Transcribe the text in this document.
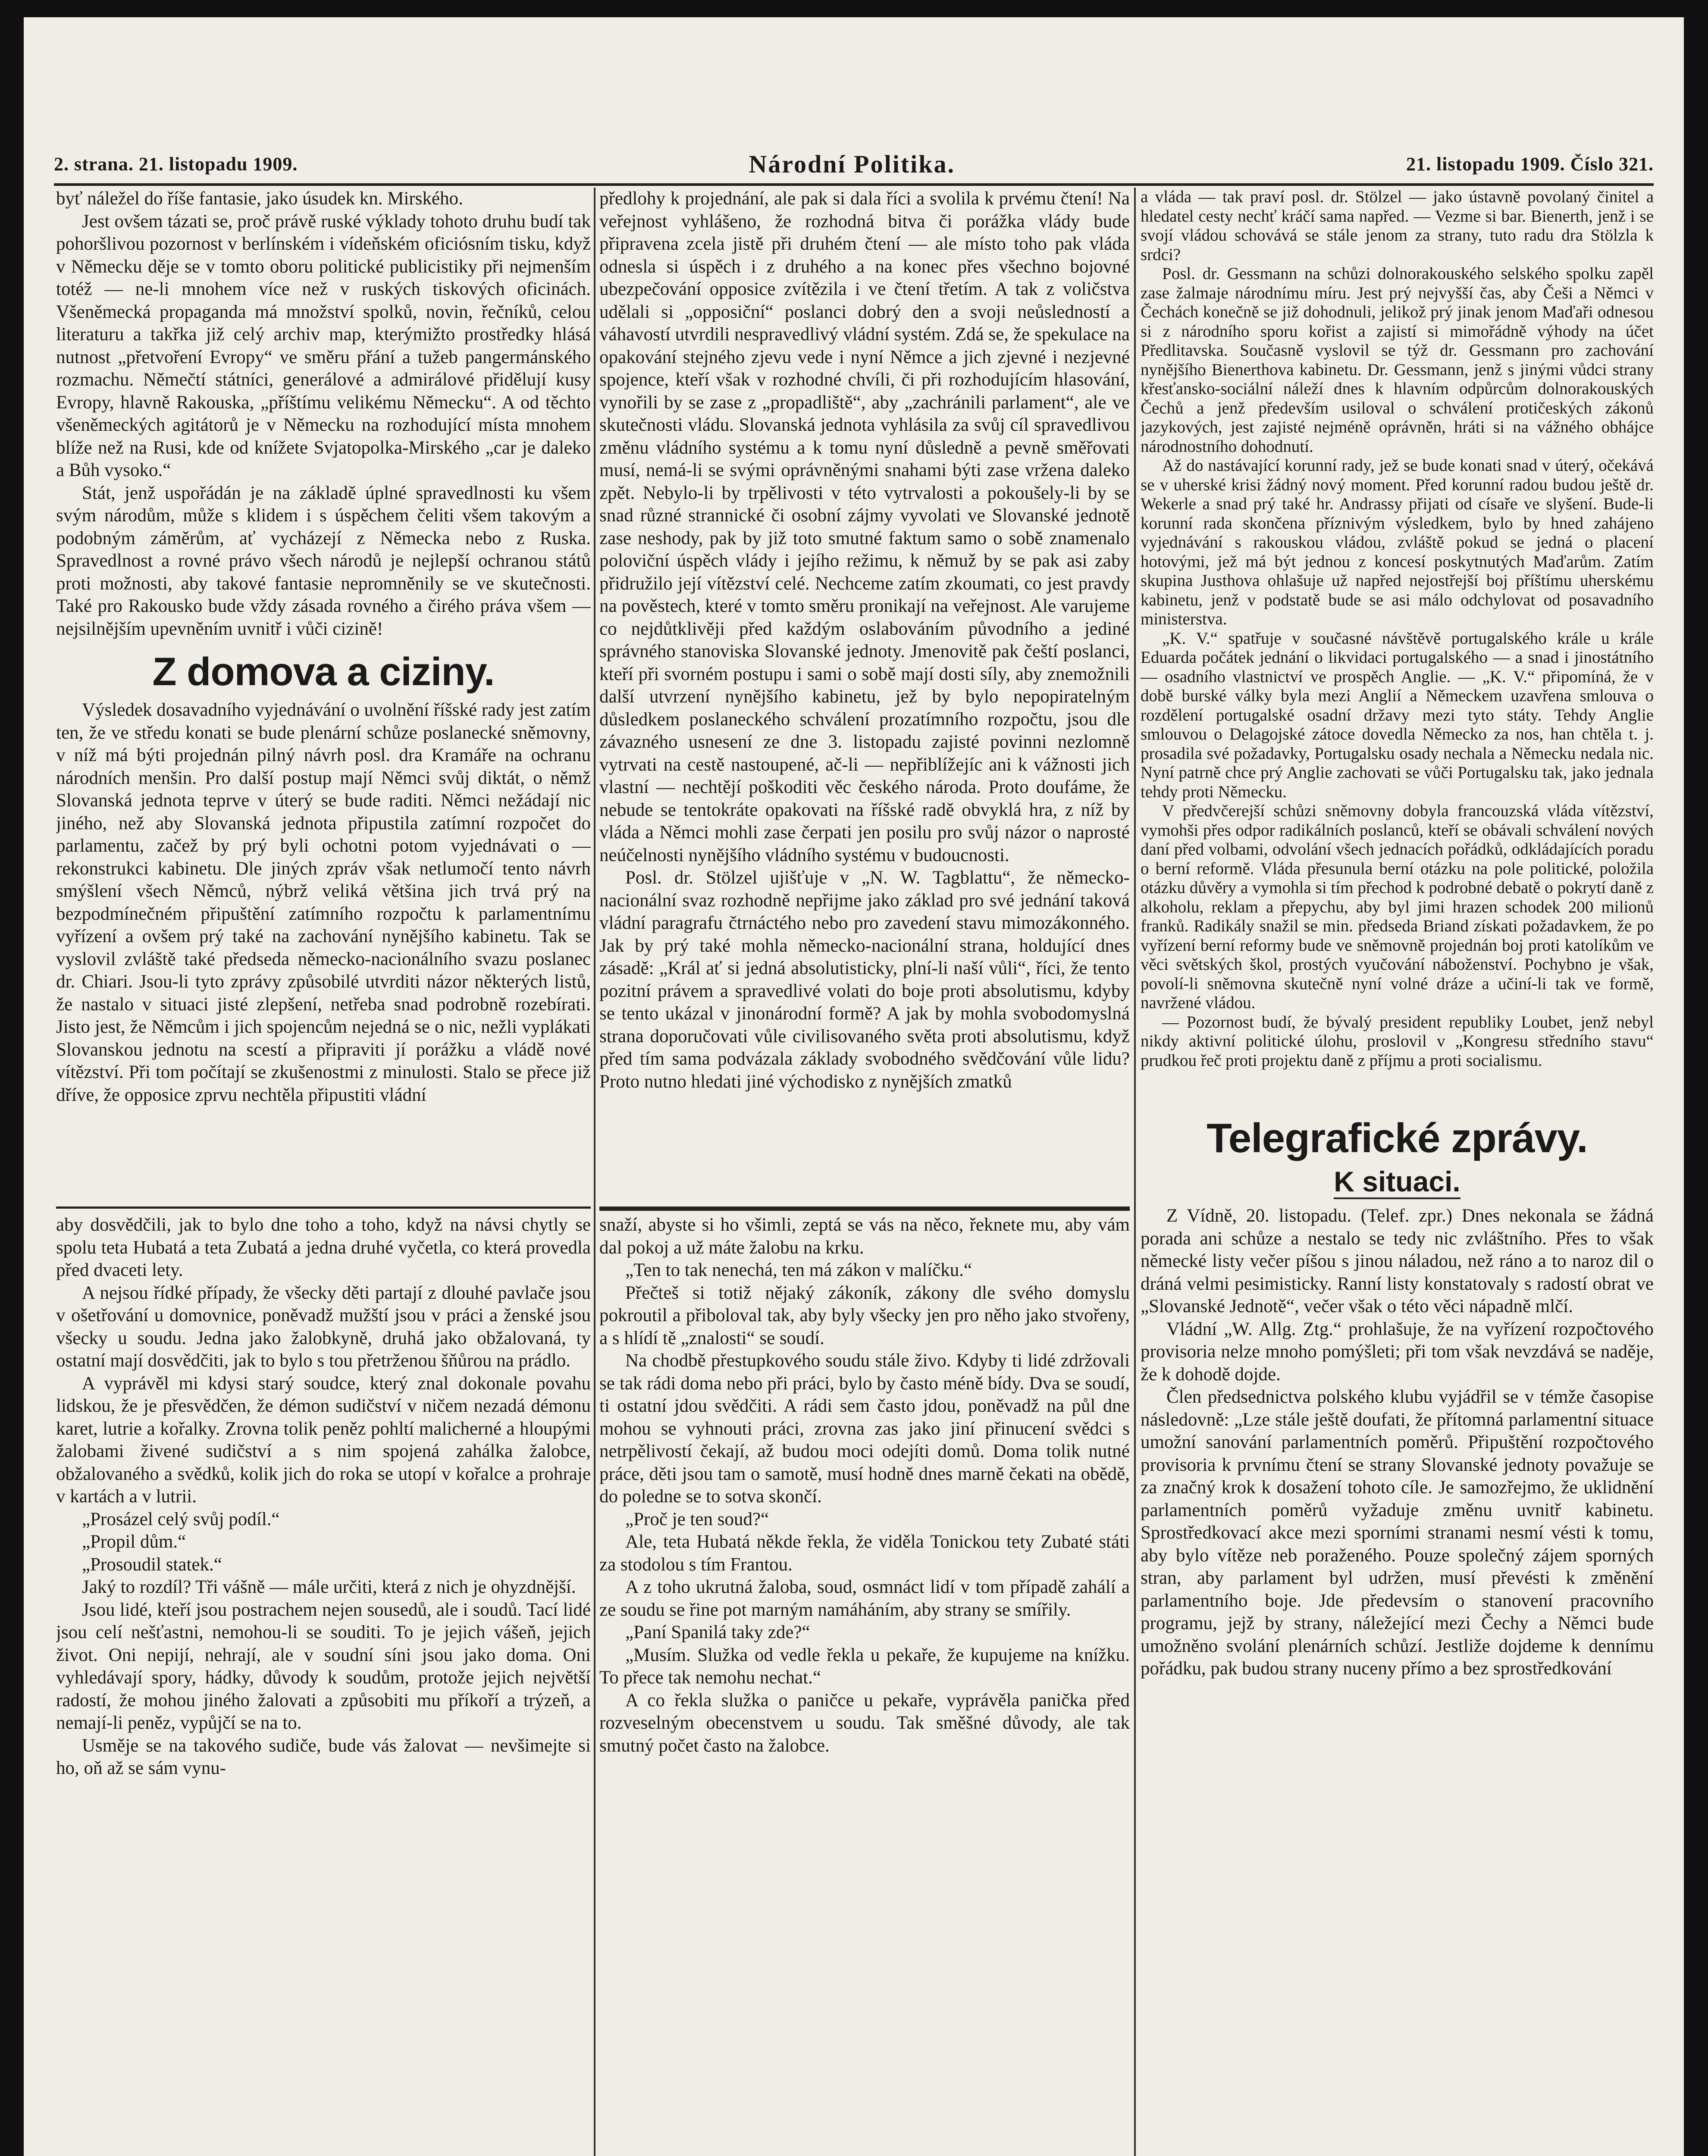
2. strana. 21. listopadu 1909.	Národní Politika.	21. listopadu 1909. Číslo 321.

byť náležel do říše fantasie, jako úsudek kn. Mirského.

Jest ovšem tázati se, proč právě ruské výklady tohoto druhu budí tak pohoršlivou pozornost v berlínském i vídeňském oficiósním tisku, když v Německu děje se v tomto oboru politické publicistiky při nejmenším totéž — ne-li mnohem více než v ruských tiskových oficinách. Všeněmecká propaganda má množství spolků, novin, řečníků, celou literaturu a takřka již celý archiv map, kterýmižto prostředky hlásá nutnost „přetvoření Evropy“ ve směru přání a tužeb pangermánského rozmachu. Němečtí státníci, generálové a admirálové přidělují kusy Evropy, hlavně Rakouska, „příštímu velikému Německu“. A od těchto všeněmeckých agitátorů je v Německu na rozhodující místa mnohem blíže než na Rusi, kde od knížete Svjatopolka-Mirského „car je daleko a Bůh vysoko.“

Stát, jenž uspořádán je na základě úplné spravedlnosti ku všem svým národům, může s klidem i s úspěchem čeliti všem takovým a podobným záměrům, ať vycházejí z Německa nebo z Ruska. Spravedlnost a rovné právo všech národů je nejlepší ochranou států proti možnosti, aby takové fantasie nepromněnily se ve skutečnosti. Také pro Rakousko bude vždy zásada rovného a čirého práva všem — nejsilnějším upevněním uvnitř i vůči cizině!

Z domova a ciziny.

Výsledek dosavadního vyjednávání o uvolnění říšské rady jest zatím ten, že ve středu konati se bude plenární schůze poslanecké sněmovny, v níž má býti projednán pilný návrh posl. dra Kramáře na ochranu národních menšin. Pro další postup mají Němci svůj diktát, o němž Slovanská jednota teprve v úterý se bude raditi. Němci nežádají nic jiného, než aby Slovanská jednota připustila zatímní rozpočet do parlamentu, začež by prý byli ochotni potom vyjednávati o — rekonstrukci kabinetu. Dle jiných zpráv však netlumočí tento návrh smýšlení všech Němců, nýbrž veliká většina jich trvá prý na bezpodmínečném připuštění zatímního rozpočtu k parlamentnímu vyřízení a ovšem prý také na zachování nynějšího kabinetu. Tak se vyslovil zvláště také předseda německo-nacionálního svazu poslanec dr. Chiari. Jsou-li tyto zprávy způsobilé utvrditi názor některých listů, že nastalo v situaci jisté zlepšení, netřeba snad podrobně rozebírati. Jisto jest, že Němcům i jich spojencům nejedná se o nic, nežli vyplákati Slovanskou jednotu na scestí a připraviti jí porážku a vládě nové vítězství. Při tom počítají se zkušenostmi z minulosti. Stalo se přece již dříve, že opposice zprvu nechtěla připustiti vládní

předlohy k projednání, ale pak si dala říci a svolila k prvému čtení! Na veřejnost vyhlášeno, že rozhodná bitva či porážka vlády bude připravena zcela jistě při druhém čtení — ale místo toho pak vláda odnesla si úspěch i z druhého a na konec přes všechno bojovné ubezpečování opposice zvítězila i ve čtení třetím. A tak z voličstva udělali si „opposiční“ poslanci dobrý den a svoji neůsledností a váhavostí utvrdili nespravedlivý vládní systém. Zdá se, že spekulace na opakování stejného zjevu vede i nyní Němce a jich zjevné i nezjevné spojence, kteří však v rozhodné chvíli, či při rozhodujícím hlasování, vynořili by se zase z „propadliště“, aby „zachránili parlament“, ale ve skutečnosti vládu. Slovanská jednota vyhlásila za svůj cíl spravedlivou změnu vládního systému a k tomu nyní důsledně a pevně směřovati musí, nemá-li se svými oprávněnými snahami býti zase vržena daleko zpět. Nebylo-li by trpělivosti v této vytrvalosti a pokoušely-li by se snad různé strannické či osobní zájmy vyvolati ve Slovanské jednotě zase neshody, pak by již toto smutné faktum samo o sobě znamenalo poloviční úspěch vlády i jejího režimu, k němuž by se pak asi zaby přidružilo její vítězství celé. Nechceme zatím zkoumati, co jest pravdy na pověstech, které v tomto směru pronikají na veřejnost. Ale varujeme co nejdůtklivěji před každým oslabováním původního a jediné správného stanoviska Slovanské jednoty. Jmenovitě pak čeští poslanci, kteří při svorném postupu i sami o sobě mají dosti síly, aby znemožnili další utvrzení nynějšího kabinetu, jež by bylo nepopiratelným důsledkem poslaneckého schválení prozatímního rozpočtu, jsou dle závazného usnesení ze dne 3. listopadu zajisté povinni nezlomně vytrvati na cestě nastoupené, ač-li — nepřiblížejíc ani k vážnosti jich vlastní — nechtějí poškoditi věc českého národa. Proto doufáme, že nebude se tentokráte opakovati na říšské radě obvyklá hra, z níž by vláda a Němci mohli zase čerpati jen posilu pro svůj názor o naprosté neúčelnosti nynějšího vládního systému v budoucnosti.

Posl. dr. Stölzel ujišťuje v „N. W. Tagblattu“, že německo-nacionální svaz rozhodně nepřijme jako základ pro své jednání taková vládní paragrafu čtrnáctého nebo pro zavedení stavu mimozákonného. Jak by prý také mohla německo-nacionální strana, holdující dnes zásadě: „Král ať si jedná absolutisticky, plní-li naší vůli“, říci, že tento pozitní právem a spravedlivé volati do boje proti absolutismu, kdyby se tento ukázal v jinonárodní formě? A jak by mohla svobodomyslná strana doporučovati vůle civilisovaného světa proti absolutismu, když před tím sama podvázala základy svobodného svědčování vůle lidu? Proto nutno hledati jiné východisko z nynějších zmatků

a vláda — tak praví posl. dr. Stölzel — jako ústavně povolaný činitel a hledatel cesty nechť kráčí sama napřed. — Vezme si bar. Bienerth, jenž i se svojí vládou schovává se stále jenom za strany, tuto radu dra Stölzla k srdci?

Posl. dr. Gessmann na schůzi dolnorakouského selského spolku zapěl zase žalmaje národnímu míru. Jest prý nejvyšší čas, aby Češi a Němci v Čechách konečně se již dohodnuli, jelikož prý jinak jenom Maďaři odnesou si z národního sporu kořist a zajistí si mimořádně výhody na účet Předlitavska. Současně vyslovil se týž dr. Gessmann pro zachování nynějšího Bienerthova kabinetu. Dr. Gessmann, jenž s jinými vůdci strany křesťansko-sociální náleží dnes k hlavním odpůrcům dolnorakouských Čechů a jenž především usiloval o schválení protičeských zákonů jazykových, jest zajisté nejméně oprávněn, hráti si na vážného obhájce národnostního dohodnutí.

Až do nastávající korunní rady, jež se bude konati snad v úterý, očekává se v uherské krisi žádný nový moment. Před korunní radou budou ještě dr. Wekerle a snad prý také hr. Andrassy přijati od císaře ve slyšení. Bude-li korunní rada skončena příznivým výsledkem, bylo by hned zahájeno vyjednávání s rakouskou vládou, zvláště pokud se jedná o placení hotovými, jež má být jednou z koncesí poskytnutých Maďarům. Zatím skupina Justhova ohlašuje už napřed nejostřejší boj příštímu uherskému kabinetu, jenž v podstatě bude se asi málo odchylovat od posavadního ministerstva.

„K. V.“ spatřuje v současné návštěvě portugalského krále u krále Eduarda počátek jednání o likvidaci portugalského — a snad i jinostátního — osadního vlastnictví ve prospěch Anglie. — „K. V.“ připomíná, že v době burské války byla mezi Anglií a Německem uzavřena smlouva o rozdělení portugalské osadní državy mezi tyto státy. Tehdy Anglie smlouvou o Delagojské zátoce dovedla Německo za nos, han chtěla t. j. prosadila své požadavky, Portugalsku osady nechala a Německu nedala nic. Nyní patrně chce prý Anglie zachovati se vůči Portugalsku tak, jako jednala tehdy proti Německu.

V předvčerejší schůzi sněmovny dobyla francouzská vláda vítězství, vymohši přes odpor radikálních poslanců, kteří se obávali schválení nových daní před volbami, odvolání všech jednacích pořádků, odkládajících poradu o berní reformě. Vláda přesunula berní otázku na pole politické, položila otázku důvěry a vymohla si tím přechod k podrobné debatě o pokrytí daně z alkoholu, reklam a přepychu, aby byl jimi hrazen schodek 200 milionů franků. Radikály snažil se min. předseda Briand získati požadavkem, že po vyřízení berní reformy bude ve sněmovně projednán boj proti katolíkům ve věci světských škol, prostých vyučování náboženství. Pochybno je však, povolí-li sněmovna skutečně nyní volné dráze a učiní-li tak ve formě, navržené vládou.

— Pozornost budí, že bývalý president republiky Loubet, jenž nebyl nikdy aktivní politické úlohu, proslovil v „Kongresu středního stavu“ prudkou řeč proti projektu daně z příjmu a proti socialismu.

Telegrafické zprávy.
K situaci.

Z Vídně, 20. listopadu. (Telef. zpr.) Dnes nekonala se žádná porada ani schůze a nestalo se tedy nic zvláštního. Přes to však německé listy večer píšou s jinou náladou, než ráno a to naroz dil o dráná velmi pesimisticky. Ranní listy konstatovaly s radostí obrat ve „Slovanské Jednotě“, večer však o této věci nápadně mlčí.

Vládní „W. Allg. Ztg.“ prohlašuje, že na vyřízení rozpočtového provisoria nelze mnoho pomýšleti; při tom však nevzdává se naděje, že k dohodě dojde.

Člen předsednictva polského klubu vyjádřil se v témže časopise následovně: „Lze stále ještě doufati, že přítomná parlamentní situace umožní sanování parlamentních poměrů. Připuštění rozpočtového provisoria k prvnímu čtení se strany Slovanské jednoty považuje se za značný krok k dosažení tohoto cíle. Je samozřejmo, že uklidnění parlamentních poměrů vyžaduje změnu uvnitř kabinetu. Sprostředkovací akce mezi sporními stranami nesmí vésti k tomu, aby bylo vítěze neb poraženého. Pouze společný zájem sporných stran, aby parlament byl udržen, musí převésti k změnění parlamentního boje. Jde předevsím o stanovení pracovního programu, jejž by strany, náležející mezi Čechy a Němci bude umožněno svolání plenárních schůzí. Jestliže dojdeme k dennímu pořádku, pak budou strany nuceny přímo a bez sprostředkování

aby dosvědčili, jak to bylo dne toho a toho, když na návsi chytly se spolu teta Hubatá a teta Zubatá a jedna druhé vyčetla, co která provedla před dvaceti lety.

A nejsou řídké případy, že všecky děti partají z dlouhé pavlače jsou v ošetřování u domovnice, poněvadž mužští jsou v práci a ženské jsou všecky u soudu. Jedna jako žalobkyně, druhá jako obžalovaná, ty ostatní mají dosvědčiti, jak to bylo s tou přetrženou šňůrou na prádlo.

A vyprávěl mi kdysi starý soudce, který znal dokonale povahu lidskou, že je přesvědčen, že démon sudičství v ničem nezadá démonu karet, lutrie a kořalky. Zrovna tolik peněz pohltí malicherné a hloupými žalobami živené sudičství a s nim spojená zahálka žalobce, obžalovaného a svědků, kolik jich do roka se utopí v kořalce a prohraje v kartách a v lutrii.

„Prosázel celý svůj podíl.“

„Propil dům.“

„Prosoudil statek.“

Jaký to rozdíl? Tři vášně — mále určiti, která z nich je ohyzdnější.

Jsou lidé, kteří jsou postrachem nejen sousedů, ale i soudů. Tací lidé jsou celí nešťastni, nemohou-li se souditi. To je jejich vášeň, jejich život. Oni nepijí, nehrají, ale v soudní síni jsou jako doma. Oni vyhledávají spory, hádky, důvody k soudům, protože jejich největší radostí, že mohou jiného žalovati a způsobiti mu příkoří a trýzeň, a nemají-li peněz, vypůjčí se na to.

Usměje se na takového sudiče, bude vás žalovat — nevšimejte si ho, oň až se sám vynu-

snaží, abyste si ho všimli, zeptá se vás na něco, řeknete mu, aby vám dal pokoj a už máte žalobu na krku.

„Ten to tak nenechá, ten má zákon v malíčku.“

Přečteš si totiž nějaký zákoník, zákony dle svého domyslu pokroutil a přiboloval tak, aby byly všecky jen pro něho jako stvořeny, a s hlídí tě „znalosti“ se soudí.

Na chodbě přestupkového soudu stále živo. Kdyby ti lidé zdržovali se tak rádi doma nebo při práci, bylo by často méně bídy. Dva se soudí, ti ostatní jdou svědčiti. A rádi sem často jdou, poněvadž na půl dne mohou se vyhnouti práci, zrovna zas jako jiní přinucení svědci s netrpělivostí čekají, až budou moci odejíti domů. Doma tolik nutné práce, děti jsou tam o samotě, musí hodně dnes marně čekati na obědě, do poledne se to sotva skončí.

„Proč je ten soud?“

Ale, teta Hubatá někde řekla, že viděla Tonickou tety Zubaté státi za stodolou s tím Frantou.

A z toho ukrutná žaloba, soud, osmnáct lidí v tom případě zahálí a ze soudu se řine pot marným namáháním, aby strany se smířily.

„Paní Spanilá taky zde?“

„Musím. Služka od vedle řekla u pekaře, že kupujeme na knížku. To přece tak nemohu nechat.“

A co řekla služka o paničce u pekaře, vyprávěla panička před rozveselným obecenstvem u soudu. Tak směšné důvody, ale tak smutný počet často na žalobce.
